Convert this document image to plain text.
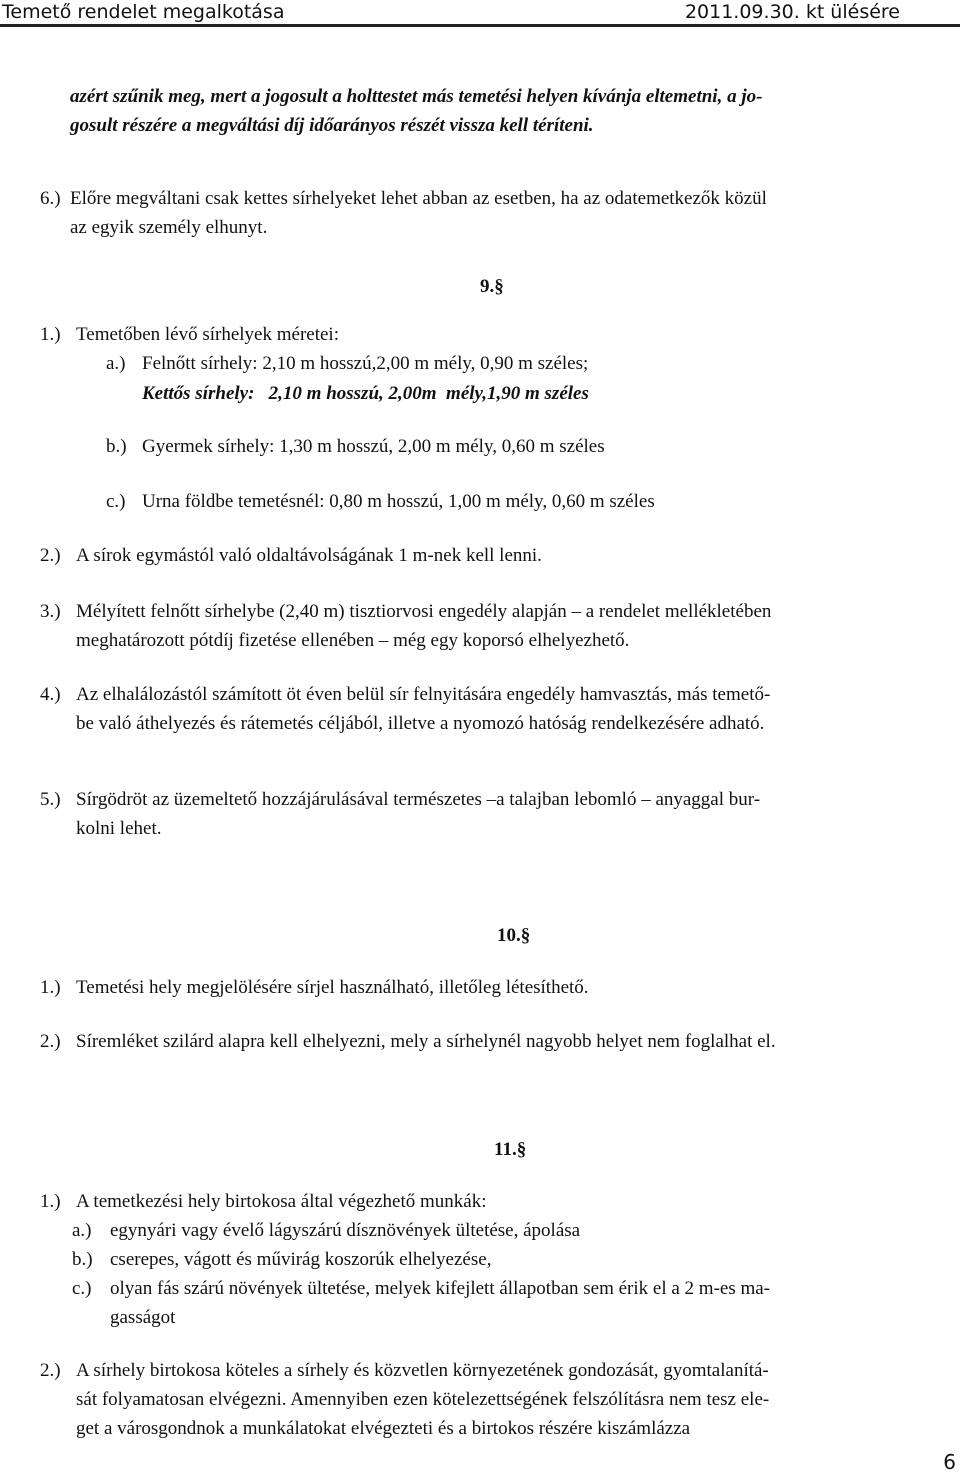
Temető rendelet megalkotása	2011.09.30. kt ülésére
azért szűnik meg, mert a jogosult a holttestet más temetési helyen kívánja eltemetni, a jo-
gosult részére a megváltási díj időarányos részét vissza kell téríteni.
6.) Előre megváltani csak kettes sírhelyeket lehet abban az esetben, ha az odatemetkezők közül
az egyik személy elhunyt.
9.§
1.) Temetőben lévő sírhelyek méretei:
a.) Felnőtt sírhely: 2,10 m hosszú,2,00 m mély, 0,90 m széles;
Kettős sírhely:   2,10 m hosszú, 2,00m  mély,1,90 m széles
b.) Gyermek sírhely: 1,30 m hosszú, 2,00 m mély, 0,60 m széles
c.) Urna földbe temetésnél: 0,80 m hosszú, 1,00 m mély, 0,60 m széles
2.) A sírok egymástól való oldaltávolságának 1 m-nek kell lenni.
3.) Mélyített felnőtt sírhelybe (2,40 m) tisztiorvosi engedély alapján – a rendelet mellékletében
meghatározott pótdíj fizetése ellenében – még egy koporsó elhelyezhető.
4.) Az elhalálozástól számított öt éven belül sír felnyitására engedély hamvasztás, más temető-
be való áthelyezés és rátemetés céljából, illetve a nyomozó hatóság rendelkezésére adható.
5.) Sírgödröt az üzemeltető hozzájárulásával természetes –a talajban lebomló – anyaggal bur-
kolni lehet.
10.§
1.) Temetési hely megjelölésére sírjel használható, illetőleg létesíthető.
2.) Síremléket szilárd alapra kell elhelyezni, mely a sírhelynél nagyobb helyet nem foglalhat el.
11.§
1.) A temetkezési hely birtokosa által végezhető munkák:
a.) egynyári vagy évelő lágyszárú dísznövények ültetése, ápolása
b.) cserepes, vágott és művirág koszorúk elhelyezése,
c.) olyan fás szárú növények ültetése, melyek kifejlett állapotban sem érik el a 2 m-es ma-
gasságot
2.) A sírhely birtokosa köteles a sírhely és közvetlen környezetének gondozását, gyomtalanítá-
sát folyamatosan elvégezni. Amennyiben ezen kötelezettségének felszólításra nem tesz ele-
get a városgondnok a munkálatokat elvégezteti és a birtokos részére kiszámlázza
6
